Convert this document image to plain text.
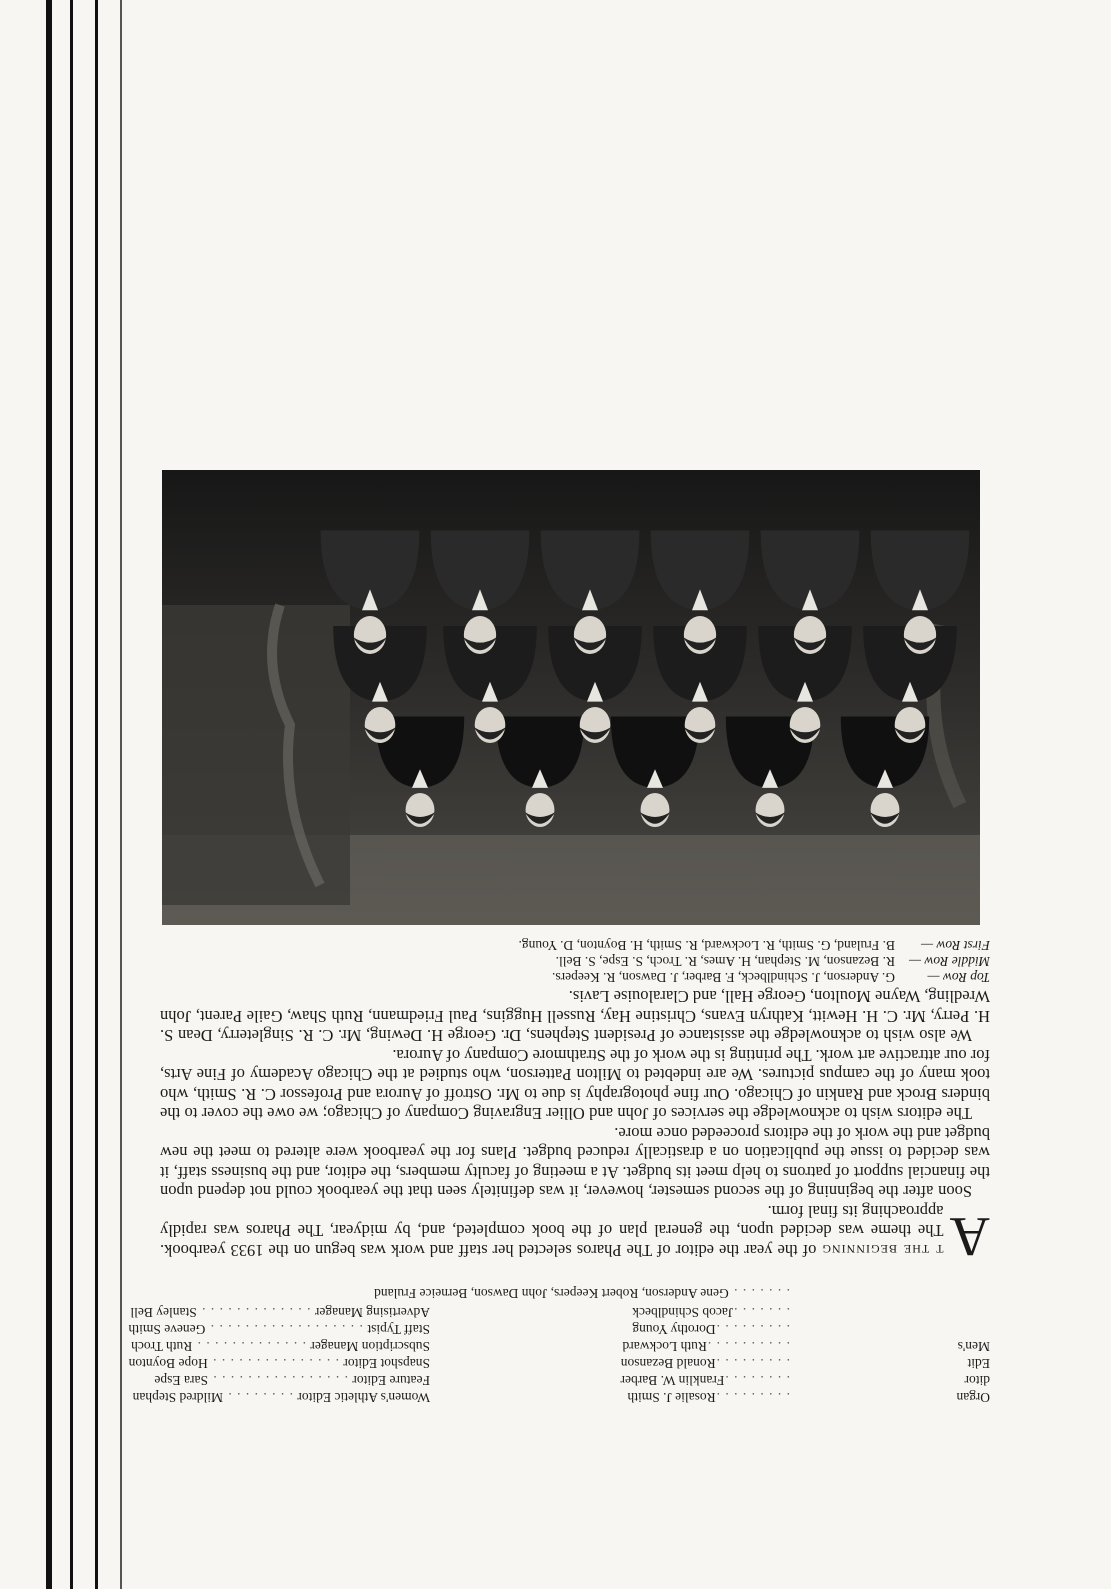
Organ
ditor
Edit
Men's
. . . . . . . . .Rosalie J. Smith
. . . . . . . .Franklin W. Barber
. . . . . . . . .Ronald Bezanson
. . . . . . . . . .Ruth Lockward
. . . . . . . . .Dorothy Young
. . . . . . .Jacob Schindlbeck
Women's Athletic Editor . . . . . . . . Mildred Stephan
Feature Editor . . . . . . . . . . . . . . . . Sara Espe
Snapshot Editor . . . . . . . . . . . . . . . Hope Boynton
Subscription Manager . . . . . . . . . . . . . Ruth Troch
Staff Typist . . . . . . . . . . . . . . . . . . Geneve Smith
Advertising Manager . . . . . . . . . . . . . Stanley Bell
. . . . . . . Gene Anderson, Robert Keepers, John Dawson, Berneice Fruland

A
t the beginning of the year the editor of The Pharos selected her staff and work was begun on the 1933 yearbook. The theme was decided upon, the general plan of the book completed, and, by midyear, The Pharos was rapidly approaching its final form.

Soon after the beginning of the second semester, however, it was definitely seen that the yearbook could not depend upon the financial support of patrons to help meet its budget. At a meeting of faculty members, the editor, and the business staff, it was decided to issue the publication on a drastically reduced budget. Plans for the yearbook were altered to meet the new budget and the work of the editors proceeded once more.

The editors wish to acknowledge the services of John and Ollier Engraving Company of Chicago; we owe the cover to the binders Brock and Rankin of Chicago. Our fine photography is due to Mr. Ostroff of Aurora and Professor C. R. Smith, who took many of the campus pictures. We are indebted to Milton Patterson, who studied at the Chicago Academy of Fine Arts, for our attractive art work. The printing is the work of the Strathmore Company of Aurora.

We also wish to acknowledge the assistance of President Stephens, Dr. George H. Dewing, Mr. C. R. Singleterry, Dean S. H. Perry, Mr. C. H. Hewitt, Kathryn Evans, Christine Hay, Russell Huggins, Paul Friedmann, Ruth Shaw, Gaile Parent, John Wredling, Wayne Moulton, George Hall, and Claralouise Lavis.

Top Row —G. Anderson, J. Schindlbeck, F. Barber, J. Dawson, R. Keepers.
Middle Row —R. Bezanson, M. Stephan, H. Ames, R. Troch, S. Espe, S. Bell.
First Row —B. Fruland, G. Smith, R. Lockward, R. Smith, H. Boynton, D. Young.
